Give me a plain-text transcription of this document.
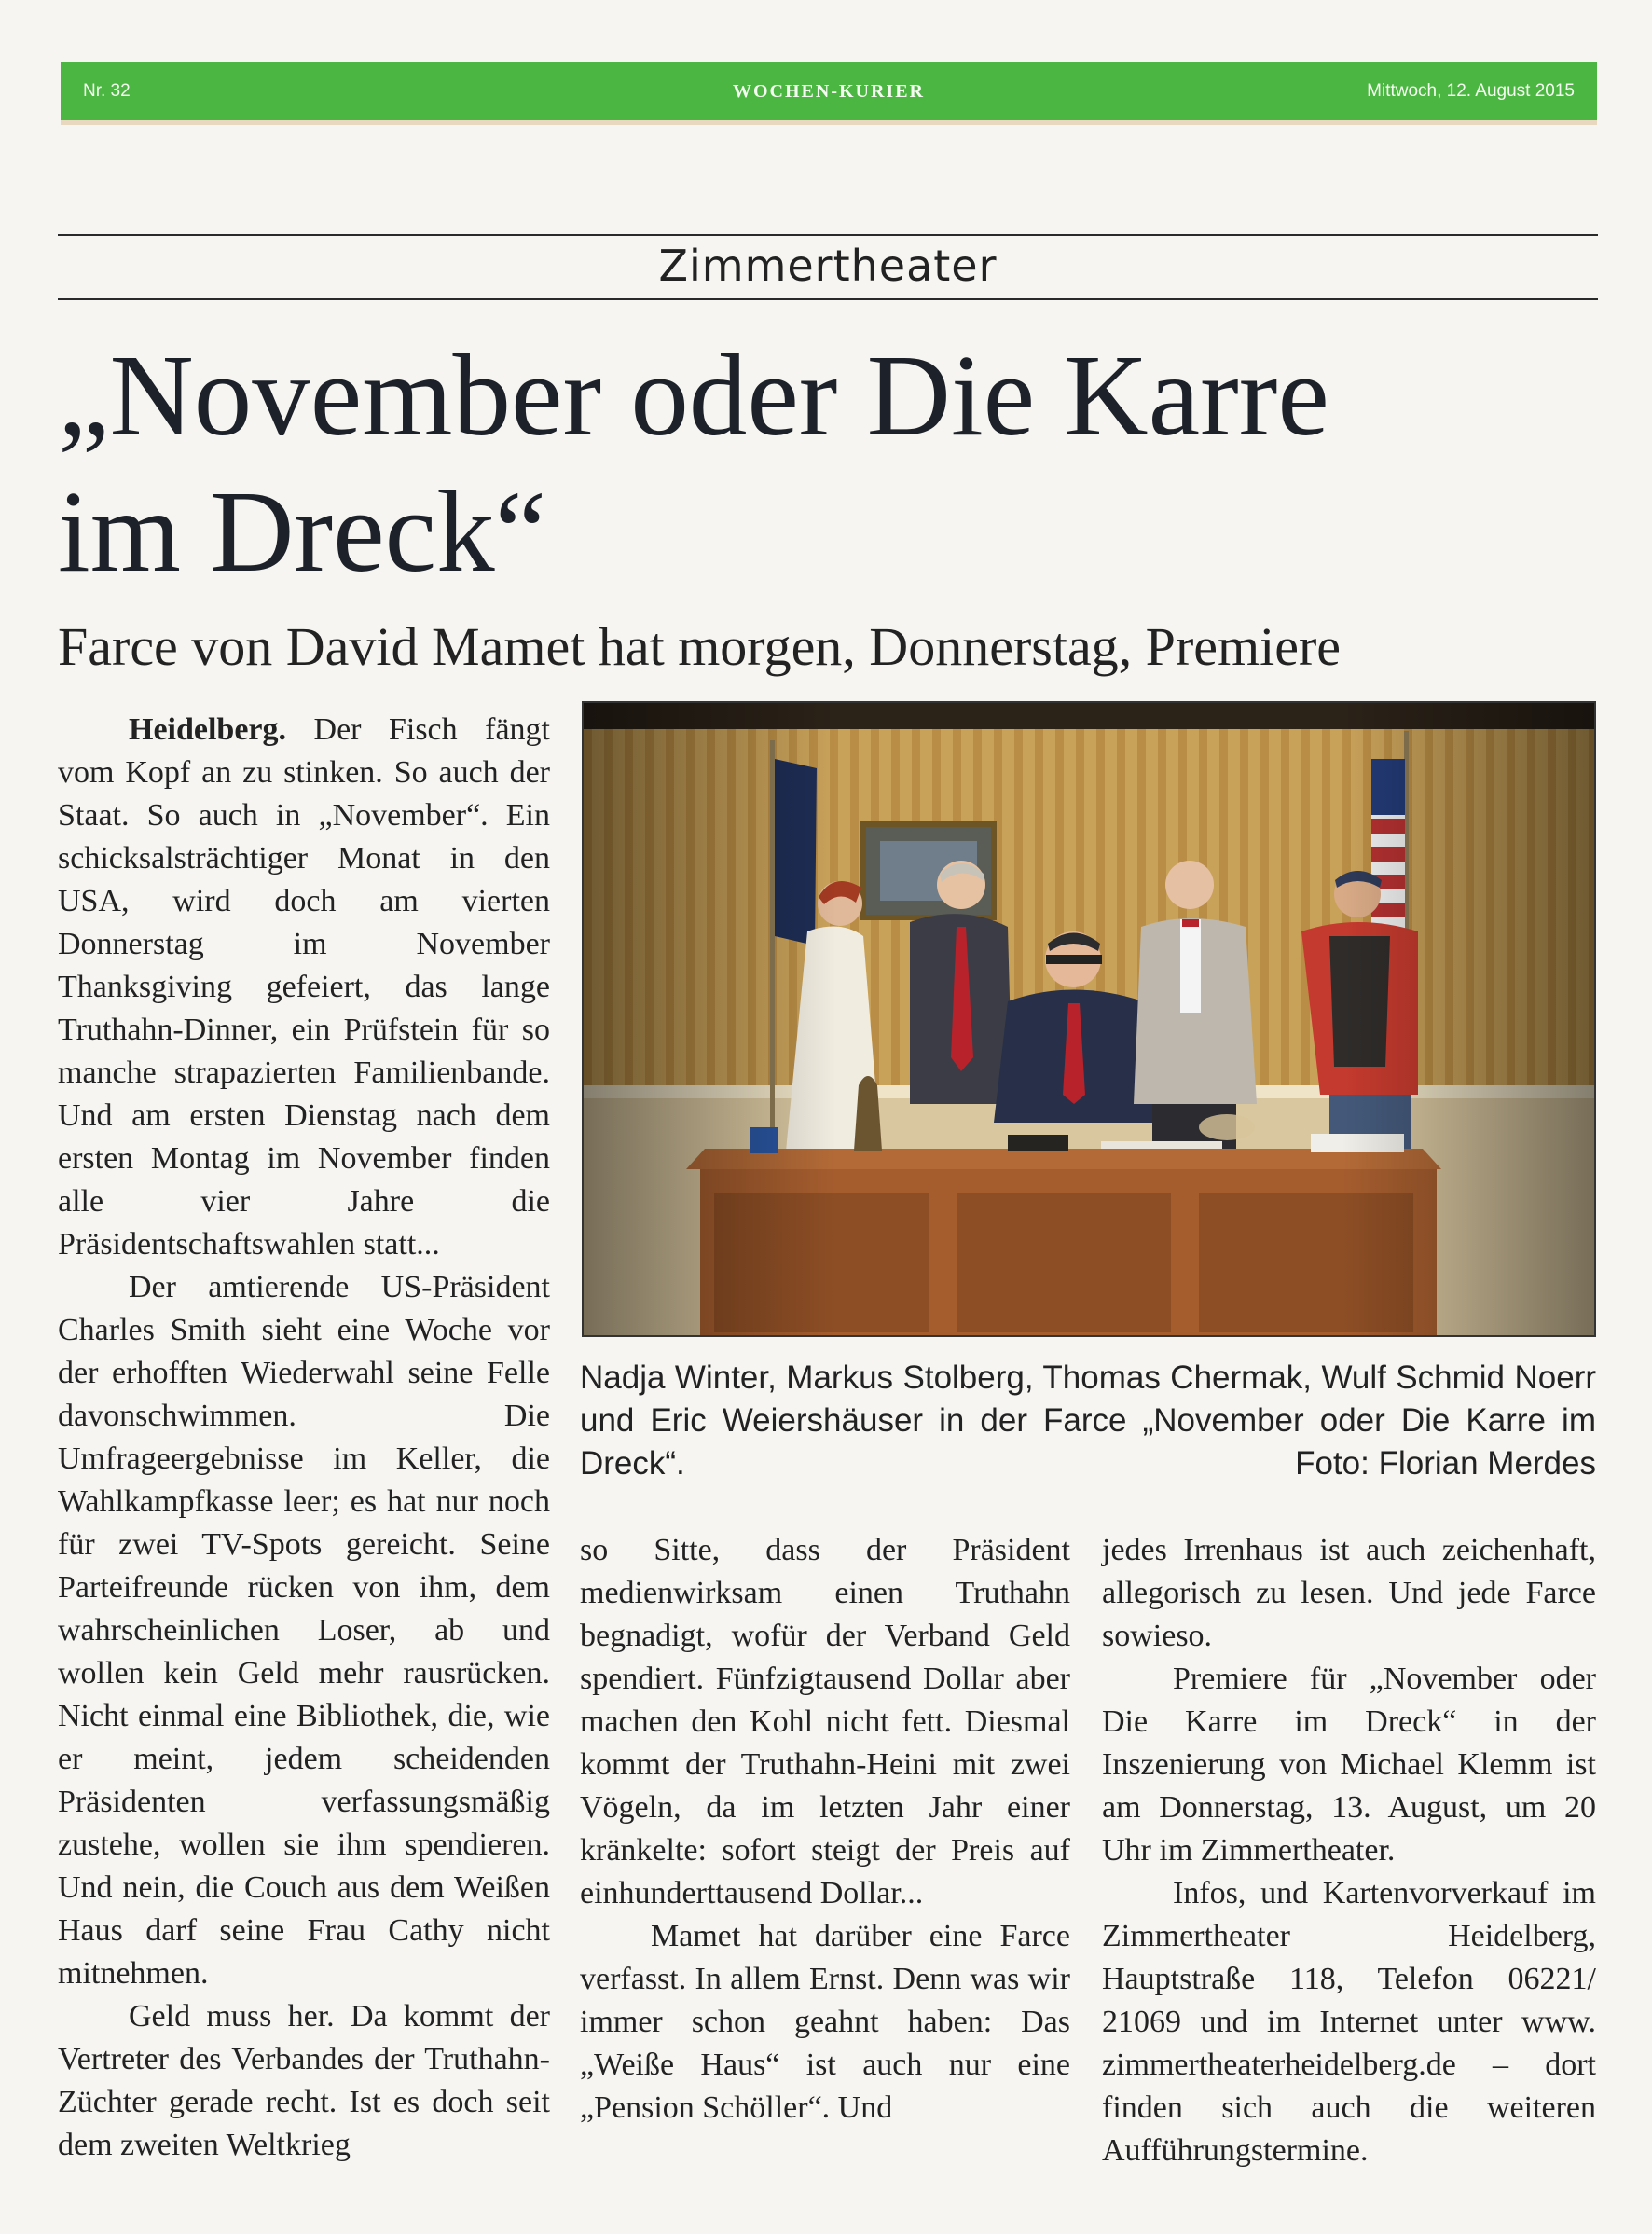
Nr. 32	WOCHEN-KURIER	Mittwoch, 12. August 2015
Zimmertheater
„November oder Die Karre
im Dreck“
Farce von David Mamet hat morgen, Donnerstag, Premiere

Heidelberg. Der Fisch fängt vom Kopf an zu stinken. So auch der Staat. So auch in „November“. Ein schicksalsträchtiger Monat in den USA, wird doch am vierten Donnerstag im November Thanksgiving gefeiert, das lange Truthahn-Dinner, ein Prüfstein für so manche strapazierten Familienbande. Und am ersten Dienstag nach dem ersten Montag im November finden alle vier Jahre die Präsidentschaftswahlen statt...

Der amtierende US-Präsident Charles Smith sieht eine Woche vor der erhofften Wiederwahl seine Felle davonschwimmen. Die Umfrageergebnisse im Keller, die Wahlkampfkasse leer; es hat nur noch für zwei TV-Spots gereicht. Seine Parteifreunde rücken von ihm, dem wahrscheinlichen Loser, ab und wollen kein Geld mehr rausrücken. Nicht einmal eine Bibliothek, die, wie er meint, jedem scheidenden Präsidenten verfassungsmäßig zustehe, wollen sie ihm spendieren. Und nein, die Couch aus dem Weißen Haus darf seine Frau Cathy nicht mitnehmen.

Geld muss her. Da kommt der Vertreter des Verbandes der Truthahn-Züchter gerade recht. Ist es doch seit dem zweiten Weltkrieg

Nadja Winter, Markus Stolberg, Thomas Chermak, Wulf Schmid Noerr und Eric Weiershäuser in der Farce „November oder Die Karre im Dreck“.	Foto: Florian Merdes

so Sitte, dass der Präsident medienwirksam einen Truthahn begnadigt, wofür der Verband Geld spendiert. Fünfzigtausend Dollar aber machen den Kohl nicht fett. Diesmal kommt der Truthahn-Heini mit zwei Vögeln, da im letzten Jahr einer kränkelte: sofort steigt der Preis auf einhunderttausend Dollar...

Mamet hat darüber eine Farce verfasst. In allem Ernst. Denn was wir immer schon geahnt haben: Das „Weiße Haus“ ist auch nur eine „Pension Schöller“. Und

jedes Irrenhaus ist auch zeichenhaft, allegorisch zu lesen. Und jede Farce sowieso.

Premiere für „November oder Die Karre im Dreck“ in der Inszenierung von Michael Klemm ist am Donnerstag, 13. August, um 20 Uhr im Zimmertheater.

Infos, und Kartenvorverkauf im Zimmertheater Heidelberg, Hauptstraße 118, Telefon 06221/ 21069 und im Internet unter www. zimmertheaterheidelberg.de – dort finden sich auch die weiteren Aufführungstermine.
